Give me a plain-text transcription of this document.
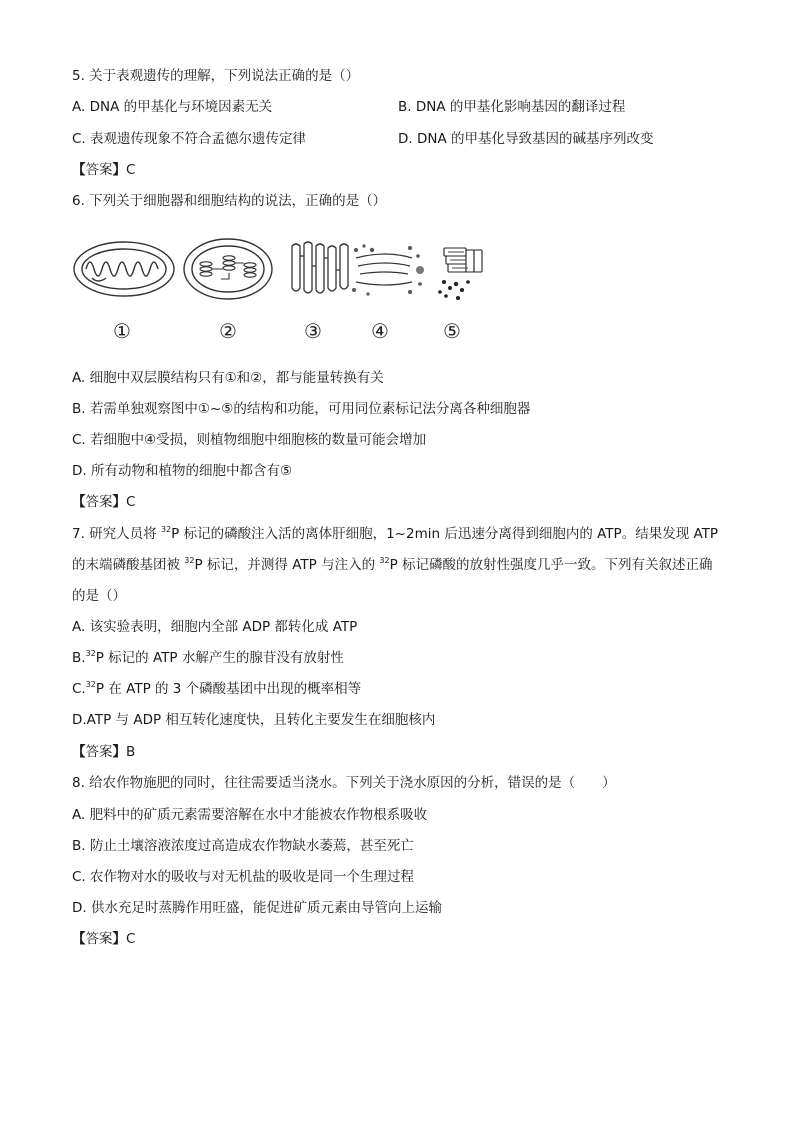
5. 关于表观遗传的理解，下列说法正确的是（）
A. DNA 的甲基化与环境因素无关	B. DNA 的甲基化影响基因的翻译过程
C. 表观遗传现象不符合孟德尔遗传定律	D. DNA 的甲基化导致基因的碱基序列改变
【答案】C
6. 下列关于细胞器和细胞结构的说法，正确的是（）
①	②	③ ④	⑤
A. 细胞中双层膜结构只有①和②，都与能量转换有关
B. 若需单独观察图中①~⑤的结构和功能，可用同位素标记法分离各种细胞器
C. 若细胞中④受损，则植物细胞中细胞核的数量可能会增加
D. 所有动物和植物的细胞中都含有⑤
【答案】C
7. 研究人员将 $^{32}$P 标记的磷酸注入活的离体肝细胞，1~2min 后迅速分离得到细胞内的 ATP。结果发现 ATP
的末端磷酸基团被 $^{32}$P 标记，并测得 ATP 与注入的 $^{32}$P 标记磷酸的放射性强度几乎一致。下列有关叙述正确
的是（）
A. 该实验表明，细胞内全部 ADP 都转化成 ATP
B.$^{32}$P 标记的 ATP 水解产生的腺苷没有放射性
C.$^{32}$P 在 ATP 的 3 个磷酸基团中出现的概率相等
D.ATP 与 ADP 相互转化速度快，且转化主要发生在细胞核内
【答案】B
8. 给农作物施肥的同时，往往需要适当浇水。下列关于浇水原因的分析，错误的是（　　）
A. 肥料中的矿质元素需要溶解在水中才能被农作物根系吸收
B. 防止土壤溶液浓度过高造成农作物缺水萎蔫，甚至死亡
C. 农作物对水的吸收与对无机盐的吸收是同一个生理过程
D. 供水充足时蒸腾作用旺盛，能促进矿质元素由导管向上运输
【答案】C
